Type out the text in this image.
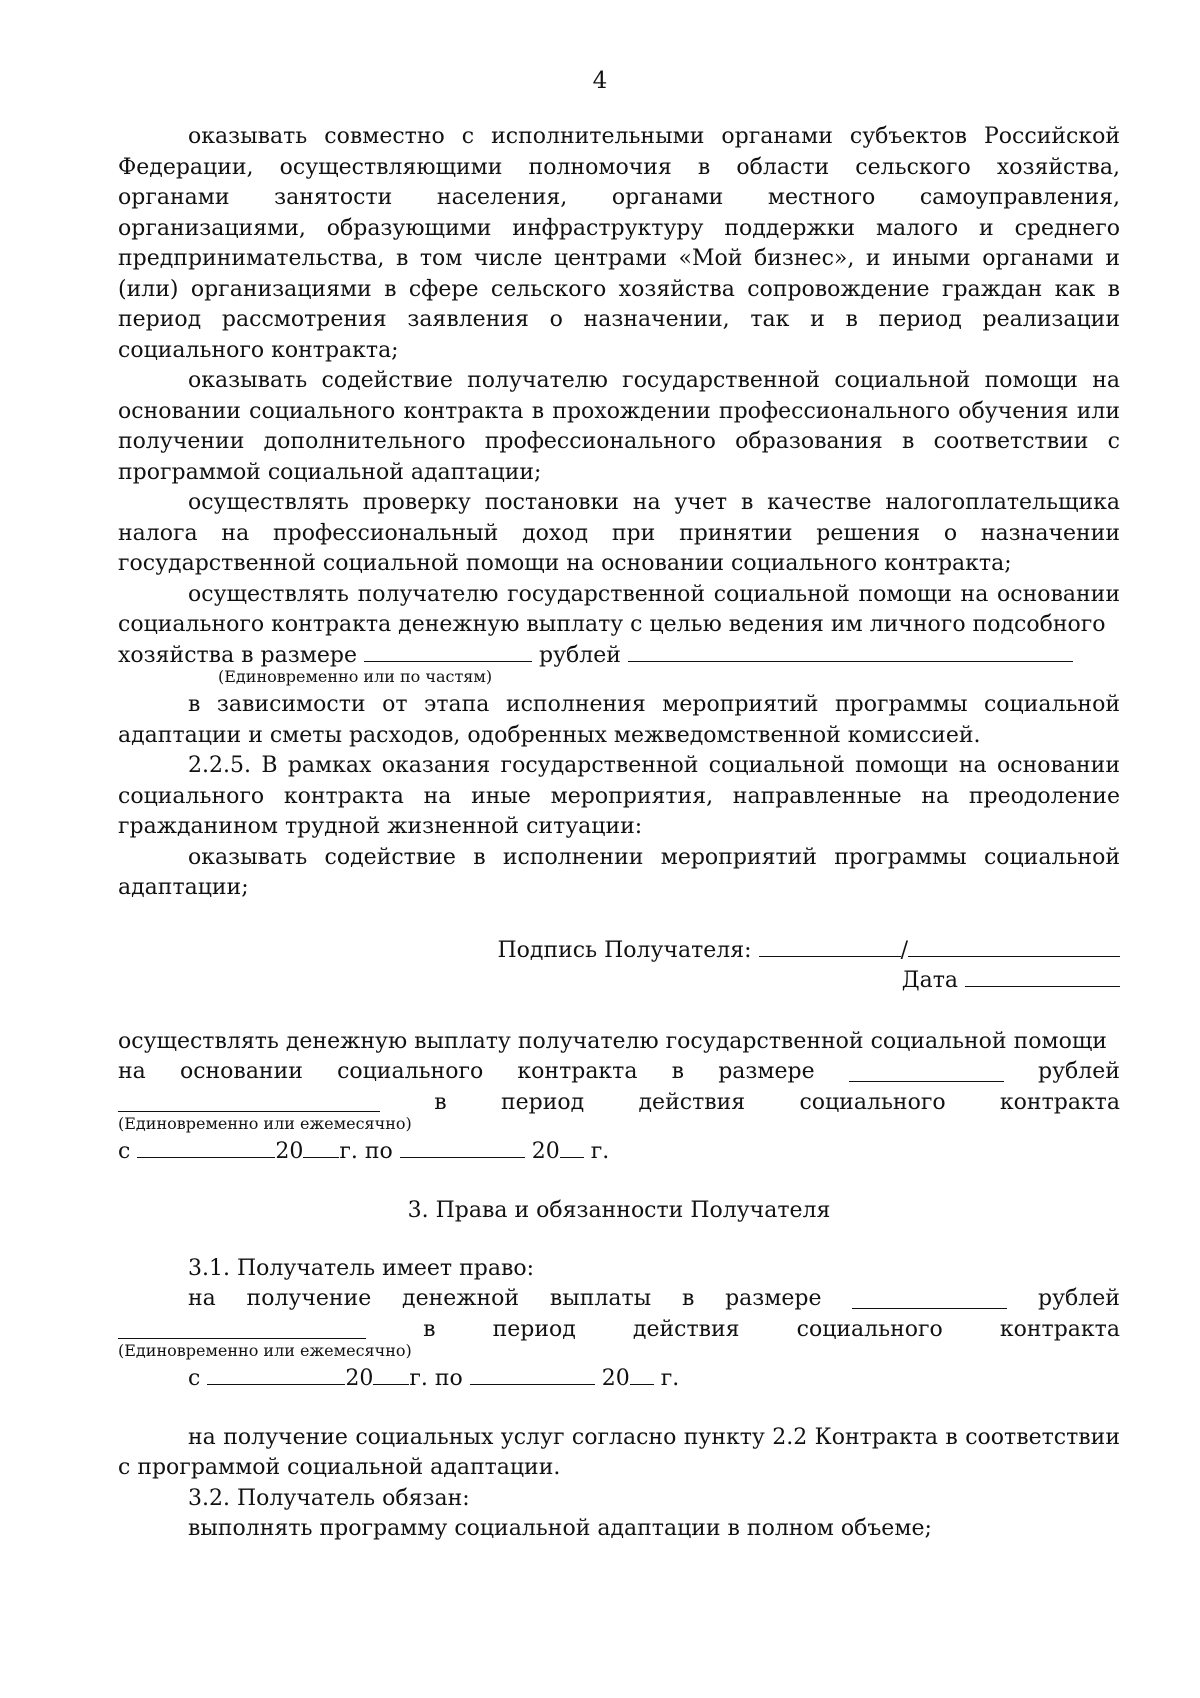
4

оказывать совместно с исполнительными органами субъектов Российской Федерации, осуществляющими полномочия в области сельского хозяйства, органами занятости населения, органами местного самоуправления, организациями, образующими инфраструктуру поддержки малого и среднего предпринимательства, в том числе центрами «Мой бизнес», и иными органами и (или) организациями в сфере сельского хозяйства сопровождение граждан как в период рассмотрения заявления о назначении, так и в период реализации социального контракта;

оказывать содействие получателю государственной социальной помощи на основании социального контракта в прохождении профессионального обучения или получении дополнительного профессионального образования в соответствии с программой социальной адаптации;

осуществлять проверку постановки на учет в качестве налогоплательщика налога на профессиональный доход при принятии решения о назначении государственной социальной помощи на основании социального контракта;

осуществлять получателю государственной социальной помощи на основании социального контракта денежную выплату с целью ведения им личного подсобного

хозяйства в размере	рублей

(Единовременно или по частям)

в зависимости от этапа исполнения мероприятий программы социальной адаптации и сметы расходов, одобренных межведомственной комиссией.

2.2.5. В рамках оказания государственной социальной помощи на основании социального контракта на иные мероприятия, направленные на преодоление гражданином трудной жизненной ситуации:

оказывать содействие в исполнении мероприятий программы социальной адаптации;

Подпись Получателя:	/

Дата

осуществлять денежную выплату получателю государственной социальной помощи

на основании социального контракта в размере	рублей
в период действия социального контракта

(Единовременно или ежемесячно)

с	20 г. по	20 г.

3. Права и обязанности Получателя

3.1. Получатель имеет право:

на получение денежной выплаты в размере	рублей
в	период	действия	социального	контракта

(Единовременно или ежемесячно)

с	20 г. по	20 г.

на получение социальных услуг согласно пункту 2.2 Контракта в соответствии с программой социальной адаптации.

3.2. Получатель обязан:

выполнять программу социальной адаптации в полном объеме;
